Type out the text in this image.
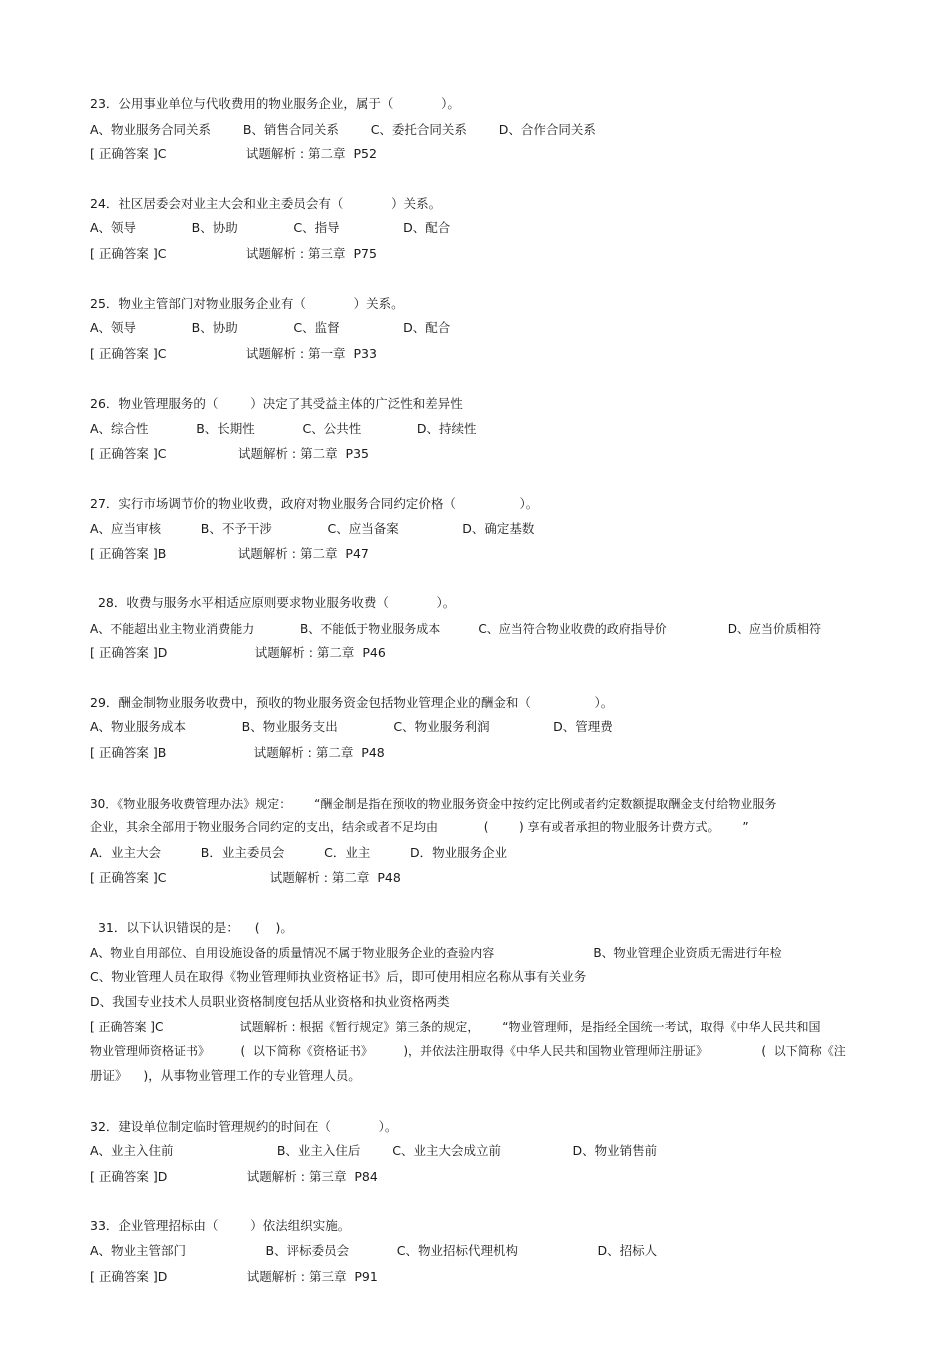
23．公用事业单位与代收费用的物业服务企业，属于（            ）。
A、物业服务合同关系        B、销售合同关系        C、委托合同关系        D、合作合同关系
[ 正确答案 ]C                    试题解析 : 第二章  P52
24．社区居委会对业主大会和业主委员会有（            ）关系。
A、领导              B、协助              C、指导                D、配合
[ 正确答案 ]C                    试题解析 : 第三章  P75
25．物业主管部门对物业服务企业有（            ）关系。
A、领导              B、协助              C、监督                D、配合
[ 正确答案 ]C                    试题解析 : 第一章  P33
26．物业管理服务的（        ）决定了其受益主体的广泛性和差异性
A、综合性            B、长期性            C、公共性              D、持续性
[ 正确答案 ]C                  试题解析 : 第二章  P35
27．实行市场调节价的物业收费，政府对物业服务合同约定价格（                ）。
A、应当审核          B、不予干涉              C、应当备案                D、确定基数
[ 正确答案 ]B                  试题解析 : 第二章  P47
28．收费与服务水平相适应原则要求物业服务收费（            ）。
A、不能超出业主物业消费能力            B、不能低于物业服务成本          C、应当符合物业收费的政府指导价                D、应当价质相符
[ 正确答案 ]D                      试题解析 : 第二章  P46
29．酬金制物业服务收费中，预收的物业服务资金包括物业管理企业的酬金和（                ）。
A、物业服务成本              B、物业服务支出              C、物业服务利润                D、管理费
[ 正确答案 ]B                      试题解析 : 第二章  P48
30．《物业服务收费管理办法》规定：      “酬金制是指在预收的物业服务资金中按约定比例或者约定数额提取酬金支付给物业服务
企业，其余全部用于物业服务合同约定的支出，结余或者不足均由            (        ) 享有或者承担的物业服务计费方式。      ”
A．业主大会          B．业主委员会          C．业主          D．物业服务企业
[ 正确答案 ]C                          试题解析 : 第二章  P48
31．以下认识错误的是：    (    )。
A、物业自用部位、自用设施设备的质量情况不属于物业服务企业的查验内容                          B、物业管理企业资质无需进行年检
C、物业管理人员在取得《物业管理师执业资格证书》后，即可使用相应名称从事有关业务
D、我国专业技术人员职业资格制度包括从业资格和执业资格两类
[ 正确答案 ]C                    试题解析 : 根据《暂行规定》第三条的规定，      “物业管理师，是指经全国统一考试，取得《中华人民共和国
物业管理师资格证书》        (  以下简称《资格证书》        )，并依法注册取得《中华人民共和国物业管理师注册证》              (  以下简称《注
册证》    )，从事物业管理工作的专业管理人员。
32．建设单位制定临时管理规约的时间在（            ）。
A、业主入住前                          B、业主入住后        C、业主大会成立前                  D、物业销售前
[ 正确答案 ]D                    试题解析 : 第三章  P84
33．企业管理招标由（        ）依法组织实施。
A、物业主管部门                    B、评标委员会            C、物业招标代理机构                    D、招标人
[ 正确答案 ]D                    试题解析 : 第三章  P91
